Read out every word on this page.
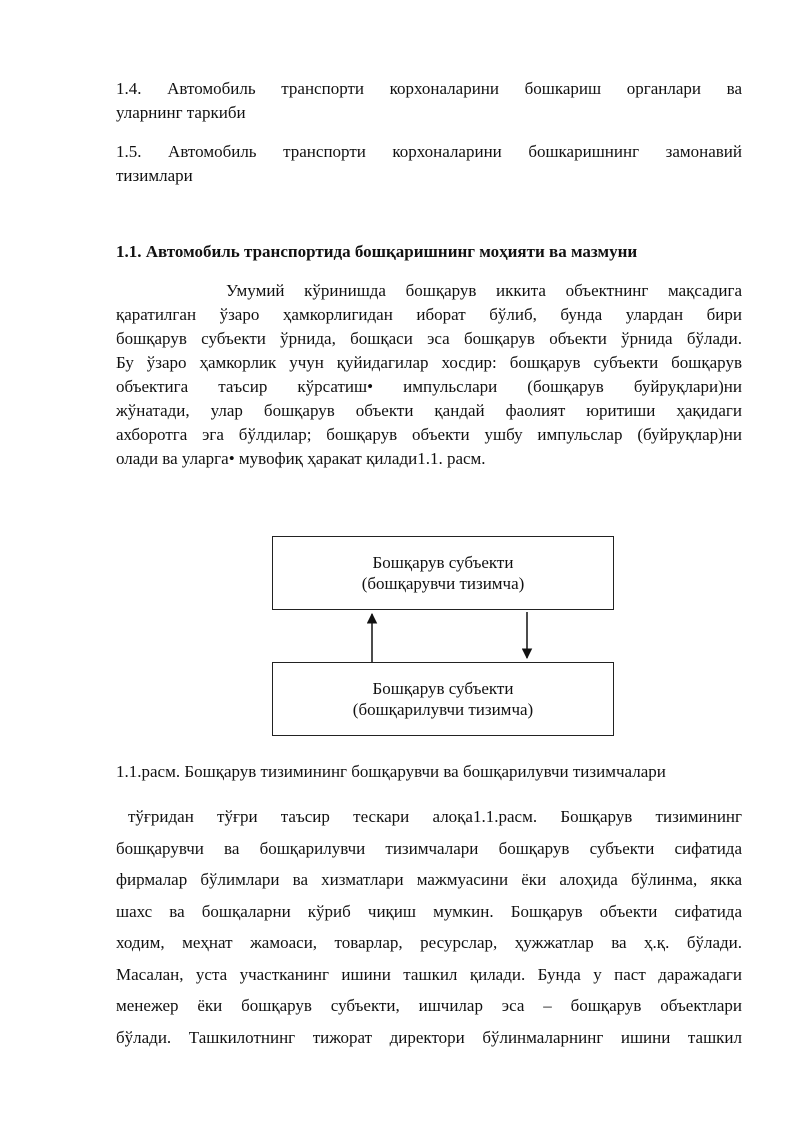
1.4. Автомобиль транспорти корхоналарини бошкариш органлари ва
уларнинг таркиби
1.5. Автомобиль транспорти корхоналарини бошкаришнинг замонавий
тизимлари
1.1. Автомобиль транспортида бошқаришнинг моҳияти ва мазмуни
Умумий кўринишда бошқарув иккита объектнинг мақсадига
қаратилган ўзаро ҳамкорлигидан иборат бўлиб, бунда улардан бири
бошқарув субъекти ўрнида, бошқаси эса бошқарув объекти ўрнида бўлади.
Бу ўзаро ҳамкорлик учун қуйидагилар хосдир: бошқарув субъекти бошқарув
объектига таъсир кўрсатиш• импульслари (бошқарув буйруқлари)ни
жўнатади, улар бошқарув объекти қандай фаолият юритиши ҳақидаги
ахборотга эга бўлдилар; бошқарув объекти ушбу импульслар (буйруқлар)ни
олади ва уларга• мувофиқ ҳаракат қилади1.1. расм.
Бошқарув субъекти
(бошқарувчи тизимча)
Бошқарув субъекти
(бошқарилувчи тизимча)

1.1.расм. Бошқарув тизимининг бошқарувчи ва бошқарилувчи тизимчалари

тўғридан тўғри таъсир тескари алоқа1.1.расм. Бошқарув тизимининг
бошқарувчи ва бошқарилувчи тизимчалари бошқарув субъекти сифатида
фирмалар бўлимлари ва хизматлари мажмуасини ёки алоҳида бўлинма, якка
шахс ва бошқаларни кўриб чиқиш мумкин. Бошқарув объекти сифатида
ходим, меҳнат жамоаси, товарлар, ресурслар, ҳужжатлар ва ҳ.қ. бўлади.
Масалан, уста участканинг ишини ташкил қилади. Бунда у паст даражадаги
менежер ёки бошқарув субъекти, ишчилар эса – бошқарув объектлари
бўлади. Ташкилотнинг тижорат директори бўлинмаларнинг ишини ташкил
